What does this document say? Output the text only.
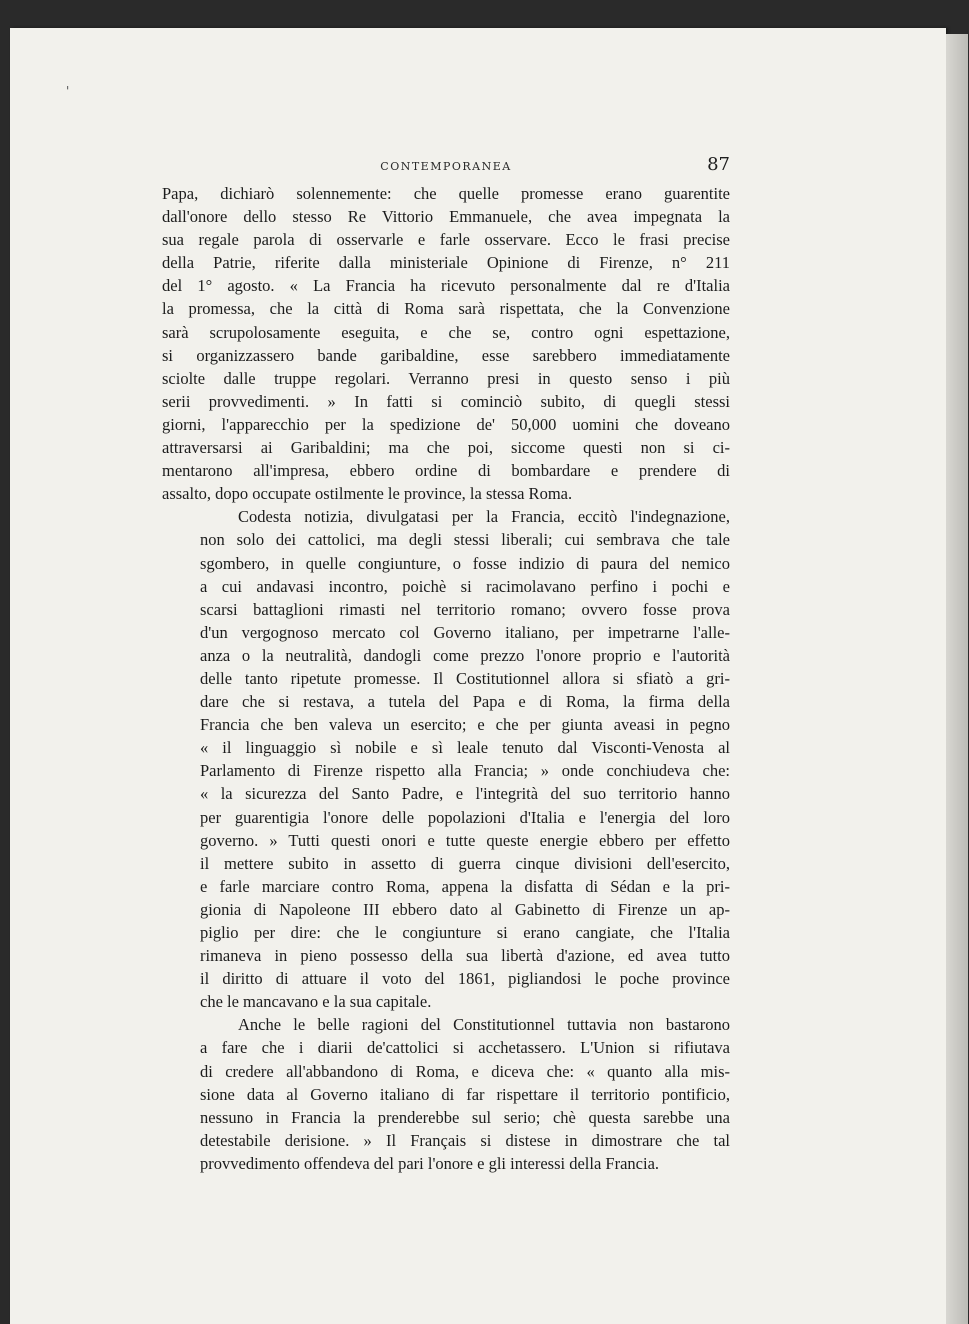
'
CONTEMPORANEA	87
Papa, dichiarò solennemente: che quelle promesse erano guarentite
dall'onore dello stesso Re Vittorio Emmanuele, che avea impegnata la
sua regale parola di osservarle e farle osservare. Ecco le frasi precise
della Patrie, riferite dalla ministeriale Opinione di Firenze, n° 211
del 1° agosto. « La Francia ha ricevuto personalmente dal re d'Italia
la promessa, che la città di Roma sarà rispettata, che la Convenzione
sarà scrupolosamente eseguita, e che se, contro ogni espettazione,
si organizzassero bande garibaldine, esse sarebbero immediatamente
sciolte dalle truppe regolari. Verranno presi in questo senso i più
serii provvedimenti. » In fatti si cominciò subito, di quegli stessi
giorni, l'apparecchio per la spedizione de' 50,000 uomini che doveano
attraversarsi ai Garibaldini; ma che poi, siccome questi non si ci-
mentarono all'impresa, ebbero ordine di bombardare e prendere di
assalto, dopo occupate ostilmente le province, la stessa Roma.
Codesta notizia, divulgatasi per la Francia, eccitò l'indegnazione,
non solo dei cattolici, ma degli stessi liberali; cui sembrava che tale
sgombero, in quelle congiunture, o fosse indizio di paura del nemico
a cui andavasi incontro, poichè si racimolavano perfino i pochi e
scarsi battaglioni rimasti nel territorio romano; ovvero fosse prova
d'un vergognoso mercato col Governo italiano, per impetrarne l'alle-
anza o la neutralità, dandogli come prezzo l'onore proprio e l'autorità
delle tanto ripetute promesse. Il Costitutionnel allora si sfiatò a gri-
dare che si restava, a tutela del Papa e di Roma, la firma della
Francia che ben valeva un esercito; e che per giunta aveasi in pegno
« il linguaggio sì nobile e sì leale tenuto dal Visconti-Venosta al
Parlamento di Firenze rispetto alla Francia; » onde conchiudeva che:
« la sicurezza del Santo Padre, e l'integrità del suo territorio hanno
per guarentigia l'onore delle popolazioni d'Italia e l'energia del loro
governo. » Tutti questi onori e tutte queste energie ebbero per effetto
il mettere subito in assetto di guerra cinque divisioni dell'esercito,
e farle marciare contro Roma, appena la disfatta di Sédan e la pri-
gionia di Napoleone III ebbero dato al Gabinetto di Firenze un ap-
piglio per dire: che le congiunture si erano cangiate, che l'Italia
rimaneva in pieno possesso della sua libertà d'azione, ed avea tutto
il diritto di attuare il voto del 1861, pigliandosi le poche province
che le mancavano e la sua capitale.
Anche le belle ragioni del Constitutionnel tuttavia non bastarono
a fare che i diarii de'cattolici si acchetassero. L'Union si rifiutava
di credere all'abbandono di Roma, e diceva che: « quanto alla mis-
sione data al Governo italiano di far rispettare il territorio pontificio,
nessuno in Francia la prenderebbe sul serio; chè questa sarebbe una
detestabile derisione. » Il Français si distese in dimostrare che tal
provvedimento offendeva del pari l'onore e gli interessi della Francia.
